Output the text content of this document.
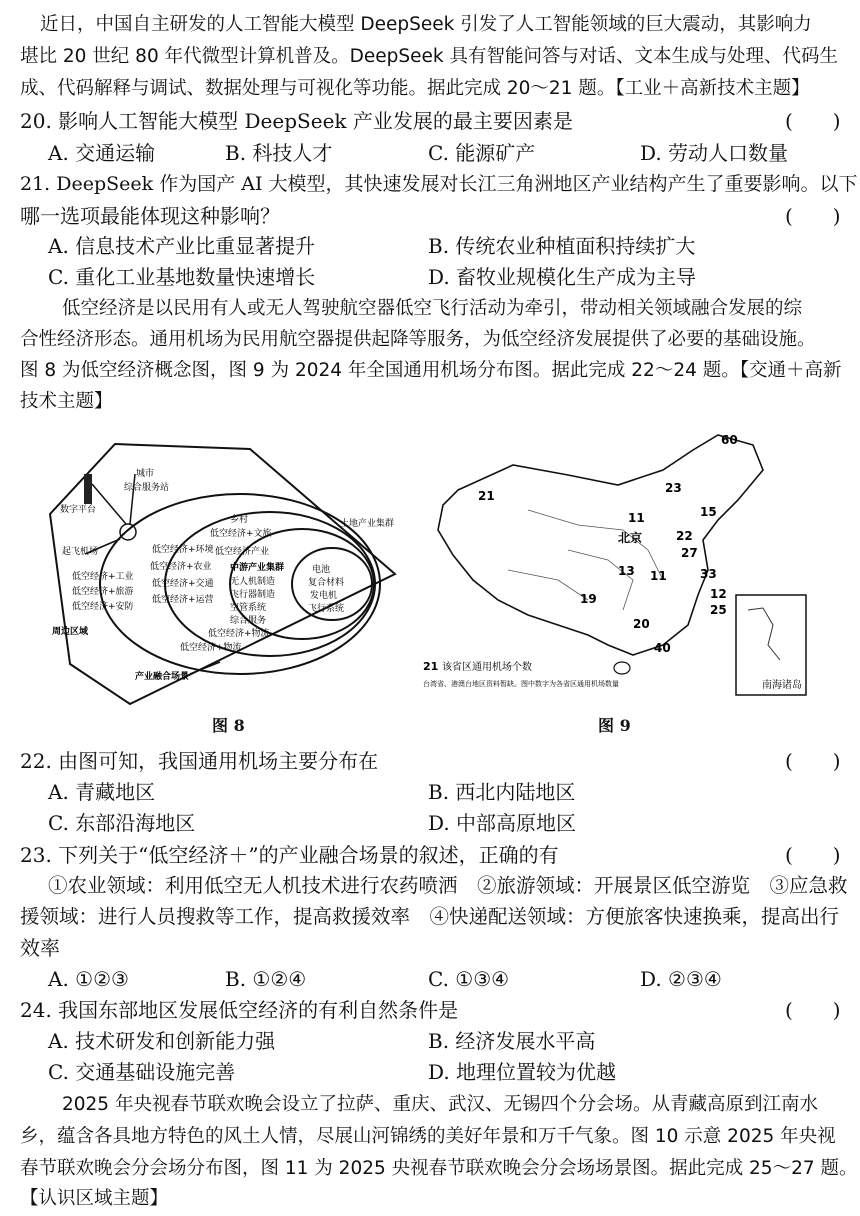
近日，中国自主研发的人工智能大模型 DeepSeek 引发了人工智能领域的巨大震动，其影响力
堪比 20 世纪 80 年代微型计算机普及。DeepSeek 具有智能问答与对话、文本生成与处理、代码生
成、代码解释与调试、数据处理与可视化等功能。据此完成 20～21 题。【工业＋高新技术主题】
20. 影响人工智能大模型 DeepSeek 产业发展的最主要因素是	(　　)
A. 交通运输	B. 科技人才	C. 能源矿产	D. 劳动人口数量
21. DeepSeek 作为国产 AI 大模型，其快速发展对长江三角洲地区产业结构产生了重要影响。以下
哪一选项最能体现这种影响？	(　　)
A. 信息技术产业比重显著提升	B. 传统农业种植面积持续扩大
C. 重化工业基地数量快速增长	D. 畜牧业规模化生产成为主导
低空经济是以民用有人或无人驾驶航空器低空飞行活动为牵引，带动相关领域融合发展的综
合性经济形态。通用机场为民用航空器提供起降等服务，为低空经济发展提供了必要的基础设施。
图 8 为低空经济概念图，图 9 为 2024 年全国通用机场分布图。据此完成 22～24 题。【交通＋高新
技术主题】
城市
综合服务站
数字平台
起飞机场
乡村
低空经济+文旅
土地产业集群
低空经济+环境 低空经济产业
低空经济+农业
低空经济+工业
低空经济+旅游
低空经济+安防
中游产业集群
无人机制造
飞行器制造
空管系统
综合服务
电池
复合材料
发电机
飞行系统
低空经济+交通
低空经济+运营
低空经济+物流
低空经济+物流
周边区域
产业融合场景
图 8
南海诸岛
21
11
23
15
22
27
13 11	33
19	12
25
20
40
60
北京
21 该省区通用机场个数
台湾省、港澳台地区资料暂缺。图中数字为各省区通用机场数量
图 9
22. 由图可知，我国通用机场主要分布在	(　　)
A. 青藏地区	B. 西北内陆地区
C. 东部沿海地区	D. 中部高原地区
23. 下列关于“低空经济＋”的产业融合场景的叙述，正确的有	(　　)
①农业领域：利用低空无人机技术进行农药喷洒　②旅游领域：开展景区低空游览　③应急救
援领域：进行人员搜救等工作，提高救援效率　④快递配送领域：方便旅客快速换乘，提高出行
效率
A. ①②③	B. ①②④	C. ①③④	D. ②③④
24. 我国东部地区发展低空经济的有利自然条件是	(　　)
A. 技术研发和创新能力强	B. 经济发展水平高
C. 交通基础设施完善	D. 地理位置较为优越
2025 年央视春节联欢晚会设立了拉萨、重庆、武汉、无锡四个分会场。从青藏高原到江南水
乡，蕴含各具地方特色的风土人情，尽展山河锦绣的美好年景和万千气象。图 10 示意 2025 年央视
春节联欢晚会分会场分布图，图 11 为 2025 央视春节联欢晚会分会场场景图。据此完成 25～27 题。
【认识区域主题】
